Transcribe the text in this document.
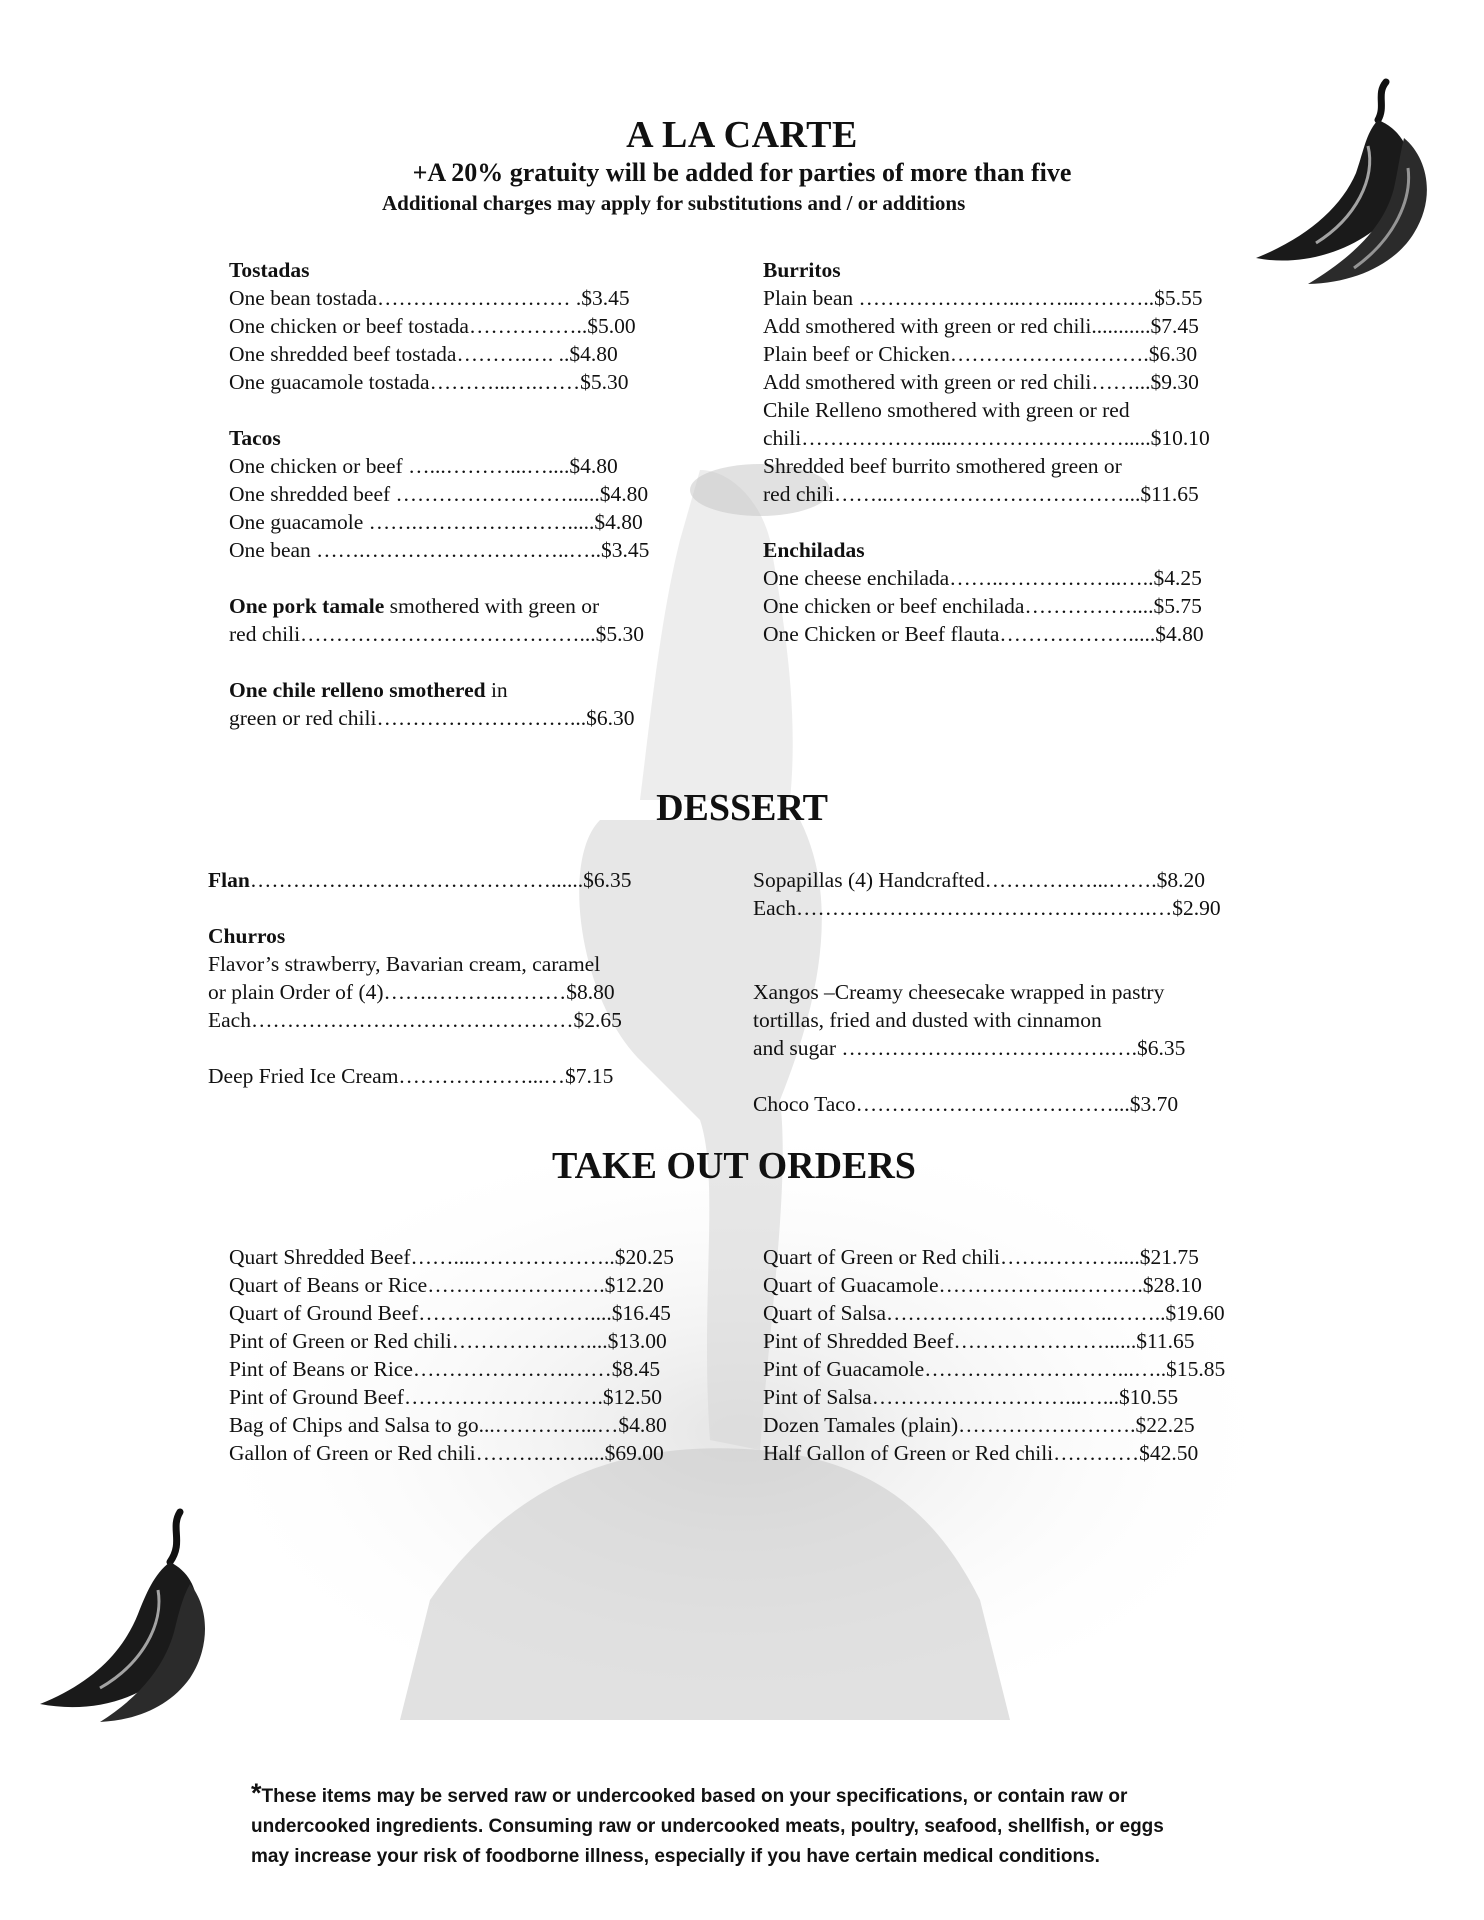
A LA CARTE
+A 20% gratuity will be added for parties of more than five
Additional charges may apply for substitutions and / or additions
Tostadas
One bean tostada……………………… .$3.45
One chicken or beef tostada……………..$5.00
One shredded beef tostada……….…. ..$4.80
One guacamole tostada………...….……$5.30
Tacos
One chicken or beef …...………...…....$4.80
One shredded beef ……………………......$4.80
One guacamole …….………………….....$4.80
One bean …….………………………..…..$3.45
One pork tamale smothered with green or
red chili…………………………………...$5.30
One chile relleno smothered in
green or red chili………………………...$6.30
Burritos
Plain bean …………………..……...………..$5.55
Add smothered with green or red chili...........$7.45
Plain beef or Chicken……………………….$6.30
Add smothered with green or red chili……...$9.30
Chile Relleno smothered with green or red
chili………………....…………………….....$10.10
Shredded beef burrito smothered green or
red chili……..……………………………...$11.65
Enchiladas
One cheese enchilada……..……………..…..$4.25
One chicken or beef enchilada……………....$5.75
One Chicken or Beef flauta……………….....$4.80
DESSERT
Flan……………………………………......$6.35
Churros
Flavor’s strawberry, Bavarian cream, caramel
or plain Order of (4)…….……….………$8.80
Each………………………………………$2.65
Deep Fried Ice Cream………………...…$7.15
Sopapillas (4) Handcrafted……………...…….$8.20
Each…………………………………….…….…$2.90
Xangos –Creamy cheesecake wrapped in pastry
tortillas, fried and dusted with cinnamon
and sugar ……………….……………….….$6.35
Choco Taco………………………………...$3.70
TAKE OUT ORDERS
Quart Shredded Beef……....………………..$20.25
Quart of Beans or Rice…………………….$12.20
Quart of Ground Beef……………………....$16.45
Pint of Green or Red chili…………….…....$13.00
Pint of Beans or Rice………………….……$8.45
Pint of Ground Beef……………………….$12.50
Bag of Chips and Salsa to go...…………...…$4.80
Gallon of Green or Red chili……………....$69.00
Quart of Green or Red chili…….……….....$21.75
Quart of Guacamole……………….……….$28.10
Quart of Salsa…………………………..……..$19.60
Pint of Shredded Beef…………………......$11.65
Pint of Guacamole………………………...…..$15.85
Pint of Salsa………………………...…...$10.55
Dozen Tamales (plain)…………………….$22.25
Half Gallon of Green or Red chili…………$42.50
*These items may be served raw or undercooked based on your specifications, or contain raw or
undercooked ingredients. Consuming raw or undercooked meats, poultry, seafood, shellfish, or eggs
may increase your risk of foodborne illness, especially if you have certain medical conditions.
